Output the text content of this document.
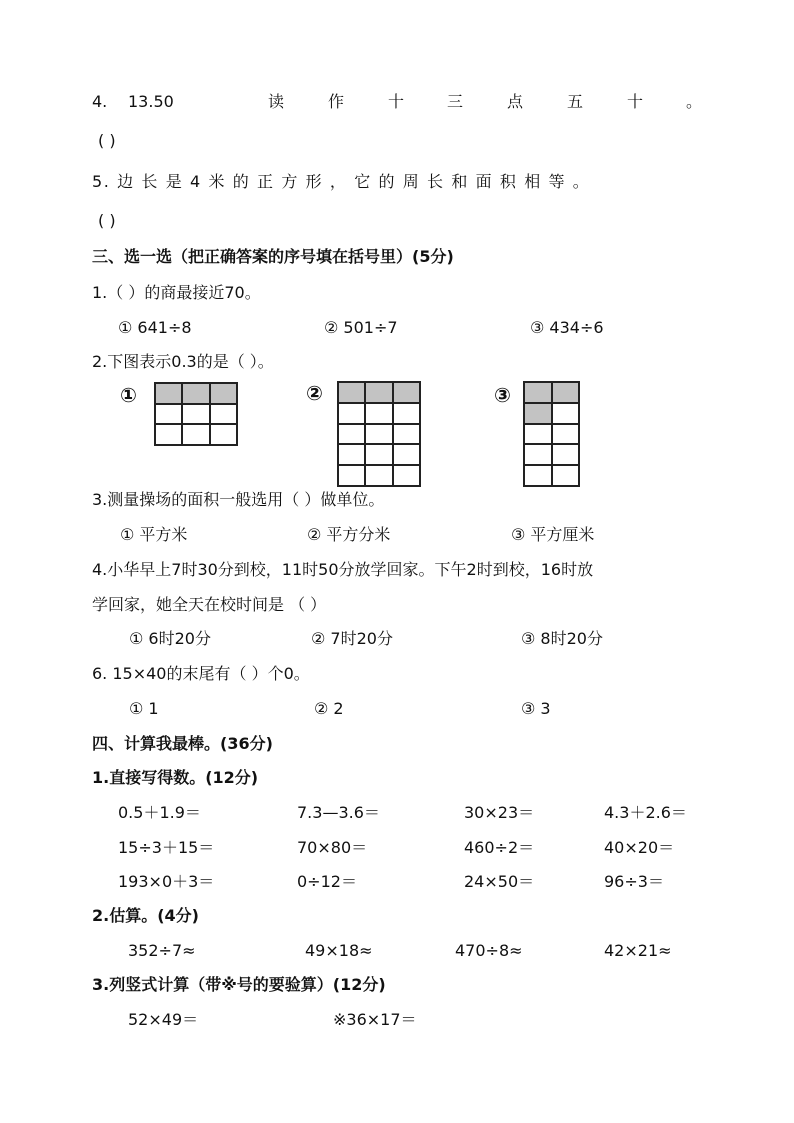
4. 13.50	读	作	十	三	点	五	十	。
( )
5. 边 长 是 4 米 的 正 方 形 ， 它 的 周 长 和 面 积 相 等 。
( )
三、选一选（把正确答案的序号填在括号里）(5分)
1.（ ）的商最接近70。
① 641÷8	② 501÷7	③ 434÷6
2.下图表示0.3的是（ ）。
①	②	③
3.测量操场的面积一般选用（ ）做单位。
① 平方米	② 平方分米	③ 平方厘米
4.小华早上7时30分到校，11时50分放学回家。下午2时到校，16时放
学回家，她全天在校时间是 （ ）
① 6时20分	② 7时20分	③ 8时20分
6. 15×40的末尾有（ ）个0。
① 1	② 2	③ 3
四、计算我最棒。(36分)
1.直接写得数。(12分)
0.5＋1.9＝	7.3—3.6＝	30×23＝	4.3＋2.6＝
15÷3＋15＝	70×80＝	460÷2＝	40×20＝
193×0＋3＝	0÷12＝	24×50＝	96÷3＝
2.估算。(4分)
352÷7≈	49×18≈	470÷8≈	42×21≈
3.列竖式计算（带※号的要验算）(12分)
52×49＝	※36×17＝
